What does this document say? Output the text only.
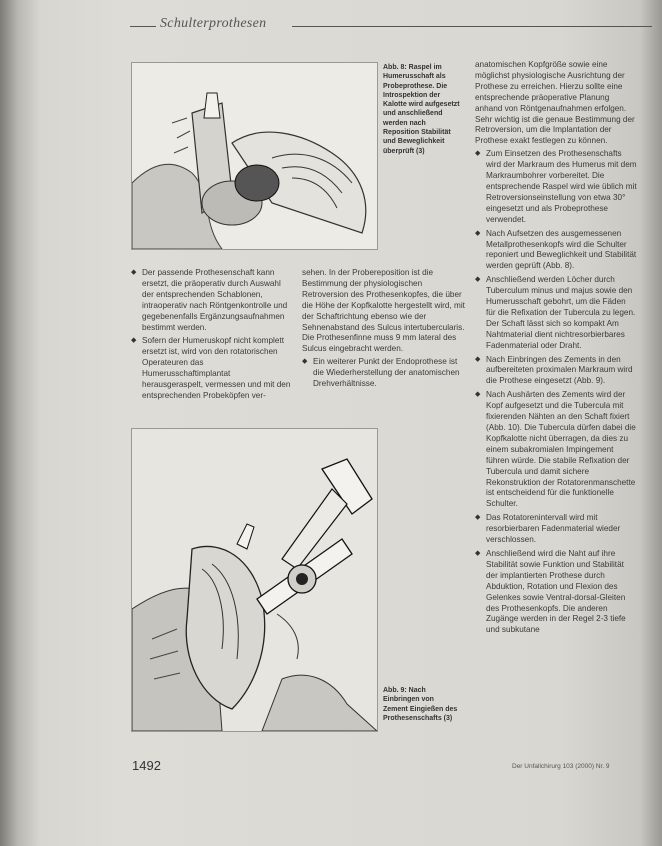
Schulterprothesen
Abb. 8: Raspel im Humerusschaft als Probeprothese. Die Introspektion der Kalotte wird aufgesetzt und anschließend werden nach Reposition Stabilität und Beweglichkeit überprüft (3)
◆ Der passende Prothesenschaft kann ersetzt, die präoperativ durch Auswahl der entsprechenden Schablonen, intraoperativ nach Röntgenkontrolle und gegebenenfalls Ergänzungsaufnahmen bestimmt werden.
◆ Sofern der Humeruskopf nicht komplett ersetzt ist, wird von den rotatorischen Operateuren das Humerusschaftimplantat herausgeraspelt, vermessen und mit den entsprechenden Probeköpfen ver-

sehen. In der Probereposition ist die Bestimmung der physiologischen Retroversion des Prothesenkopfes, die über die Höhe der Kopfkalotte hergestellt wird, mit der Schaftrichtung ebenso wie der Sehnenabstand des Sulcus intertubercularis. Die Prothesenfinne muss 9 mm lateral des Sulcus eingebracht werden.

◆ Ein weiterer Punkt der Endoprothese ist die Wiederherstellung der anatomischen Drehverhältnisse.
Abb. 9: Nach Einbringen von Zement Eingießen des Prothesenschafts (3)

anatomischen Kopfgröße sowie eine möglichst physiologische Ausrichtung der Prothese zu erreichen. Hierzu sollte eine entsprechende präoperative Planung anhand von Röntgenaufnahmen erfolgen. Sehr wichtig ist die genaue Bestimmung der Retroversion, um die Implantation der Prothese exakt festlegen zu können.

◆ Zum Einsetzen des Prothesenschafts wird der Markraum des Humerus mit dem Markraumbohrer vorbereitet. Die entsprechende Raspel wird wie üblich mit Retroversionseinstellung von etwa 30° eingesetzt und als Probeprothese verwendet.
◆ Nach Aufsetzen des ausgemessenen Metallprothesenkopfs wird die Schulter reponiert und Beweglichkeit und Stabilität werden geprüft (Abb. 8).
◆ Anschließend werden Löcher durch Tuberculum minus und majus sowie den Humerusschaft gebohrt, um die Fäden für die Refixation der Tubercula zu legen. Der Schaft lässt sich so kompakt Am Nahtmaterial dient nichtresorbierbares Fadenmaterial oder Draht.
◆ Nach Einbringen des Zements in den aufbereiteten proximalen Markraum wird die Prothese eingesetzt (Abb. 9).
◆ Nach Aushärten des Zements wird der Kopf aufgesetzt und die Tubercula mit fixierenden Nähten an den Schaft fixiert (Abb. 10). Die Tubercula dürfen dabei die Kopfkalotte nicht überragen, da dies zu einem subakromialen Impingement führen würde. Die stabile Refixation der Tubercula und damit sichere Rekonstruktion der Rotatorenmanschette ist entscheidend für die funktionelle Schulter.
◆ Das Rotatorenintervall wird mit resorbierbaren Fadenmaterial wieder verschlossen.
◆ Anschließend wird die Naht auf ihre Stabilität sowie Funktion und Stabilität der implantierten Prothese durch Abduktion, Rotation und Flexion des Gelenkes sowie Ventral-dorsal-Gleiten des Prothesenkopfs. Die anderen Zugänge werden in der Regel 2-3 tiefe und subkutane
1492	Der Unfallchirurg 103 (2000) Nr. 9
